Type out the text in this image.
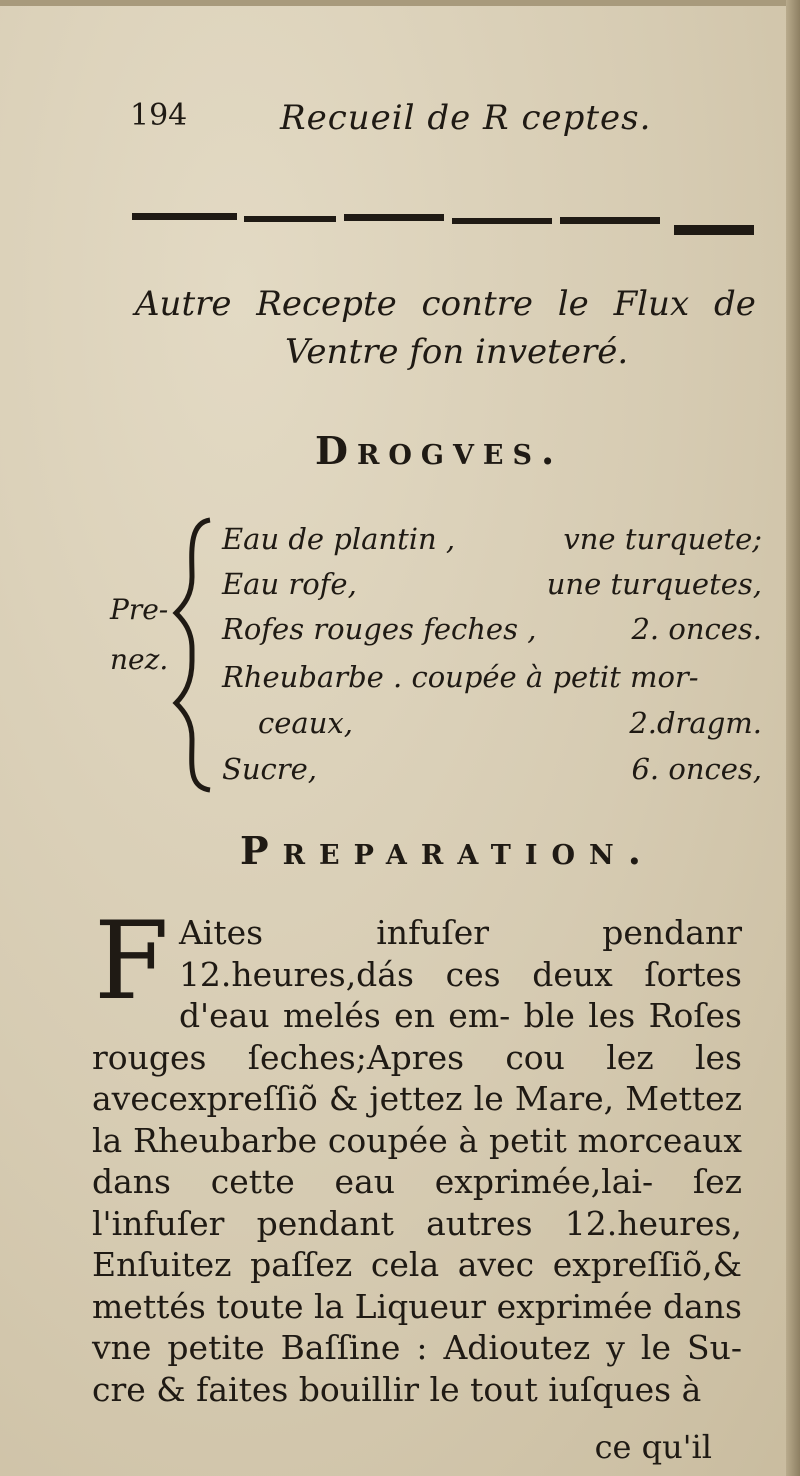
194	Recueil de R ceptes.
Autre Recepte contre le Flux de
Ventre fon inveteré.
Drogves.
Pre-
nez.
Eau de plantin ,	vne turquete;
Eau rofe,	une turquetes,
Rofes rouges feches ,	2. onces.
Rheubarbe . coupée à petit mor-
ceaux,	2.dragm.
Sucre,	6. onces,
Preparation.
F Aites infuſer pendanr 12.heures,dás ces deux ſortes d'eau melés en em- ble les Roſes rouges ſeches;Apres cou lez les avecexpreſſiõ & jettez le Mare, Mettez la Rheubarbe coupée à petit morceaux dans cette eau exprimée,lai- ſez l'infuſer pendant autres 12.heures, Enſuitez paſſez cela avec expreſſiõ,& mettés toute la Liqueur exprimée dans vne petite Baſſine : Adioutez y le Su- cre & faites bouillir le tout iuſques à
ce qu'il
